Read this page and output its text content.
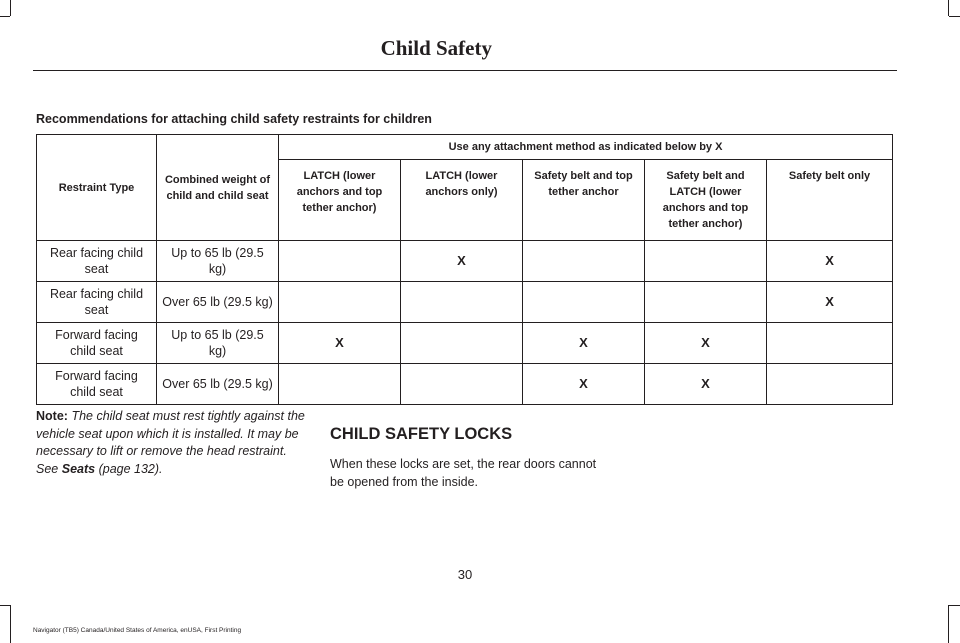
Child Safety
Recommendations for attaching child safety restraints for children
Restraint Type	Combined weight of child and child seat	Use any attachment method as indicated below by X				
		LATCH (lower anchors and top tether anchor)	LATCH (lower anchors only)	Safety belt and top tether anchor	Safety belt and LATCH (lower anchors and top tether anchor)	Safety belt only
Rear facing child seat	Up to 65 lb (29.5 kg)		X			X
Rear facing child seat	Over 65 lb (29.5 kg)					X
Forward facing child seat	Up to 65 lb (29.5 kg)	X		X	X	
Forward facing child seat	Over 65 lb (29.5 kg)			X	X	
Note: The child seat must rest tightly against the vehicle seat upon which it is installed. It may be necessary to lift or remove the head restraint. See Seats (page 132).
CHILD SAFETY LOCKS
When these locks are set, the rear doors cannot be opened from the inside.
30
Navigator (TB5) Canada/United States of America, enUSA, First Printing
